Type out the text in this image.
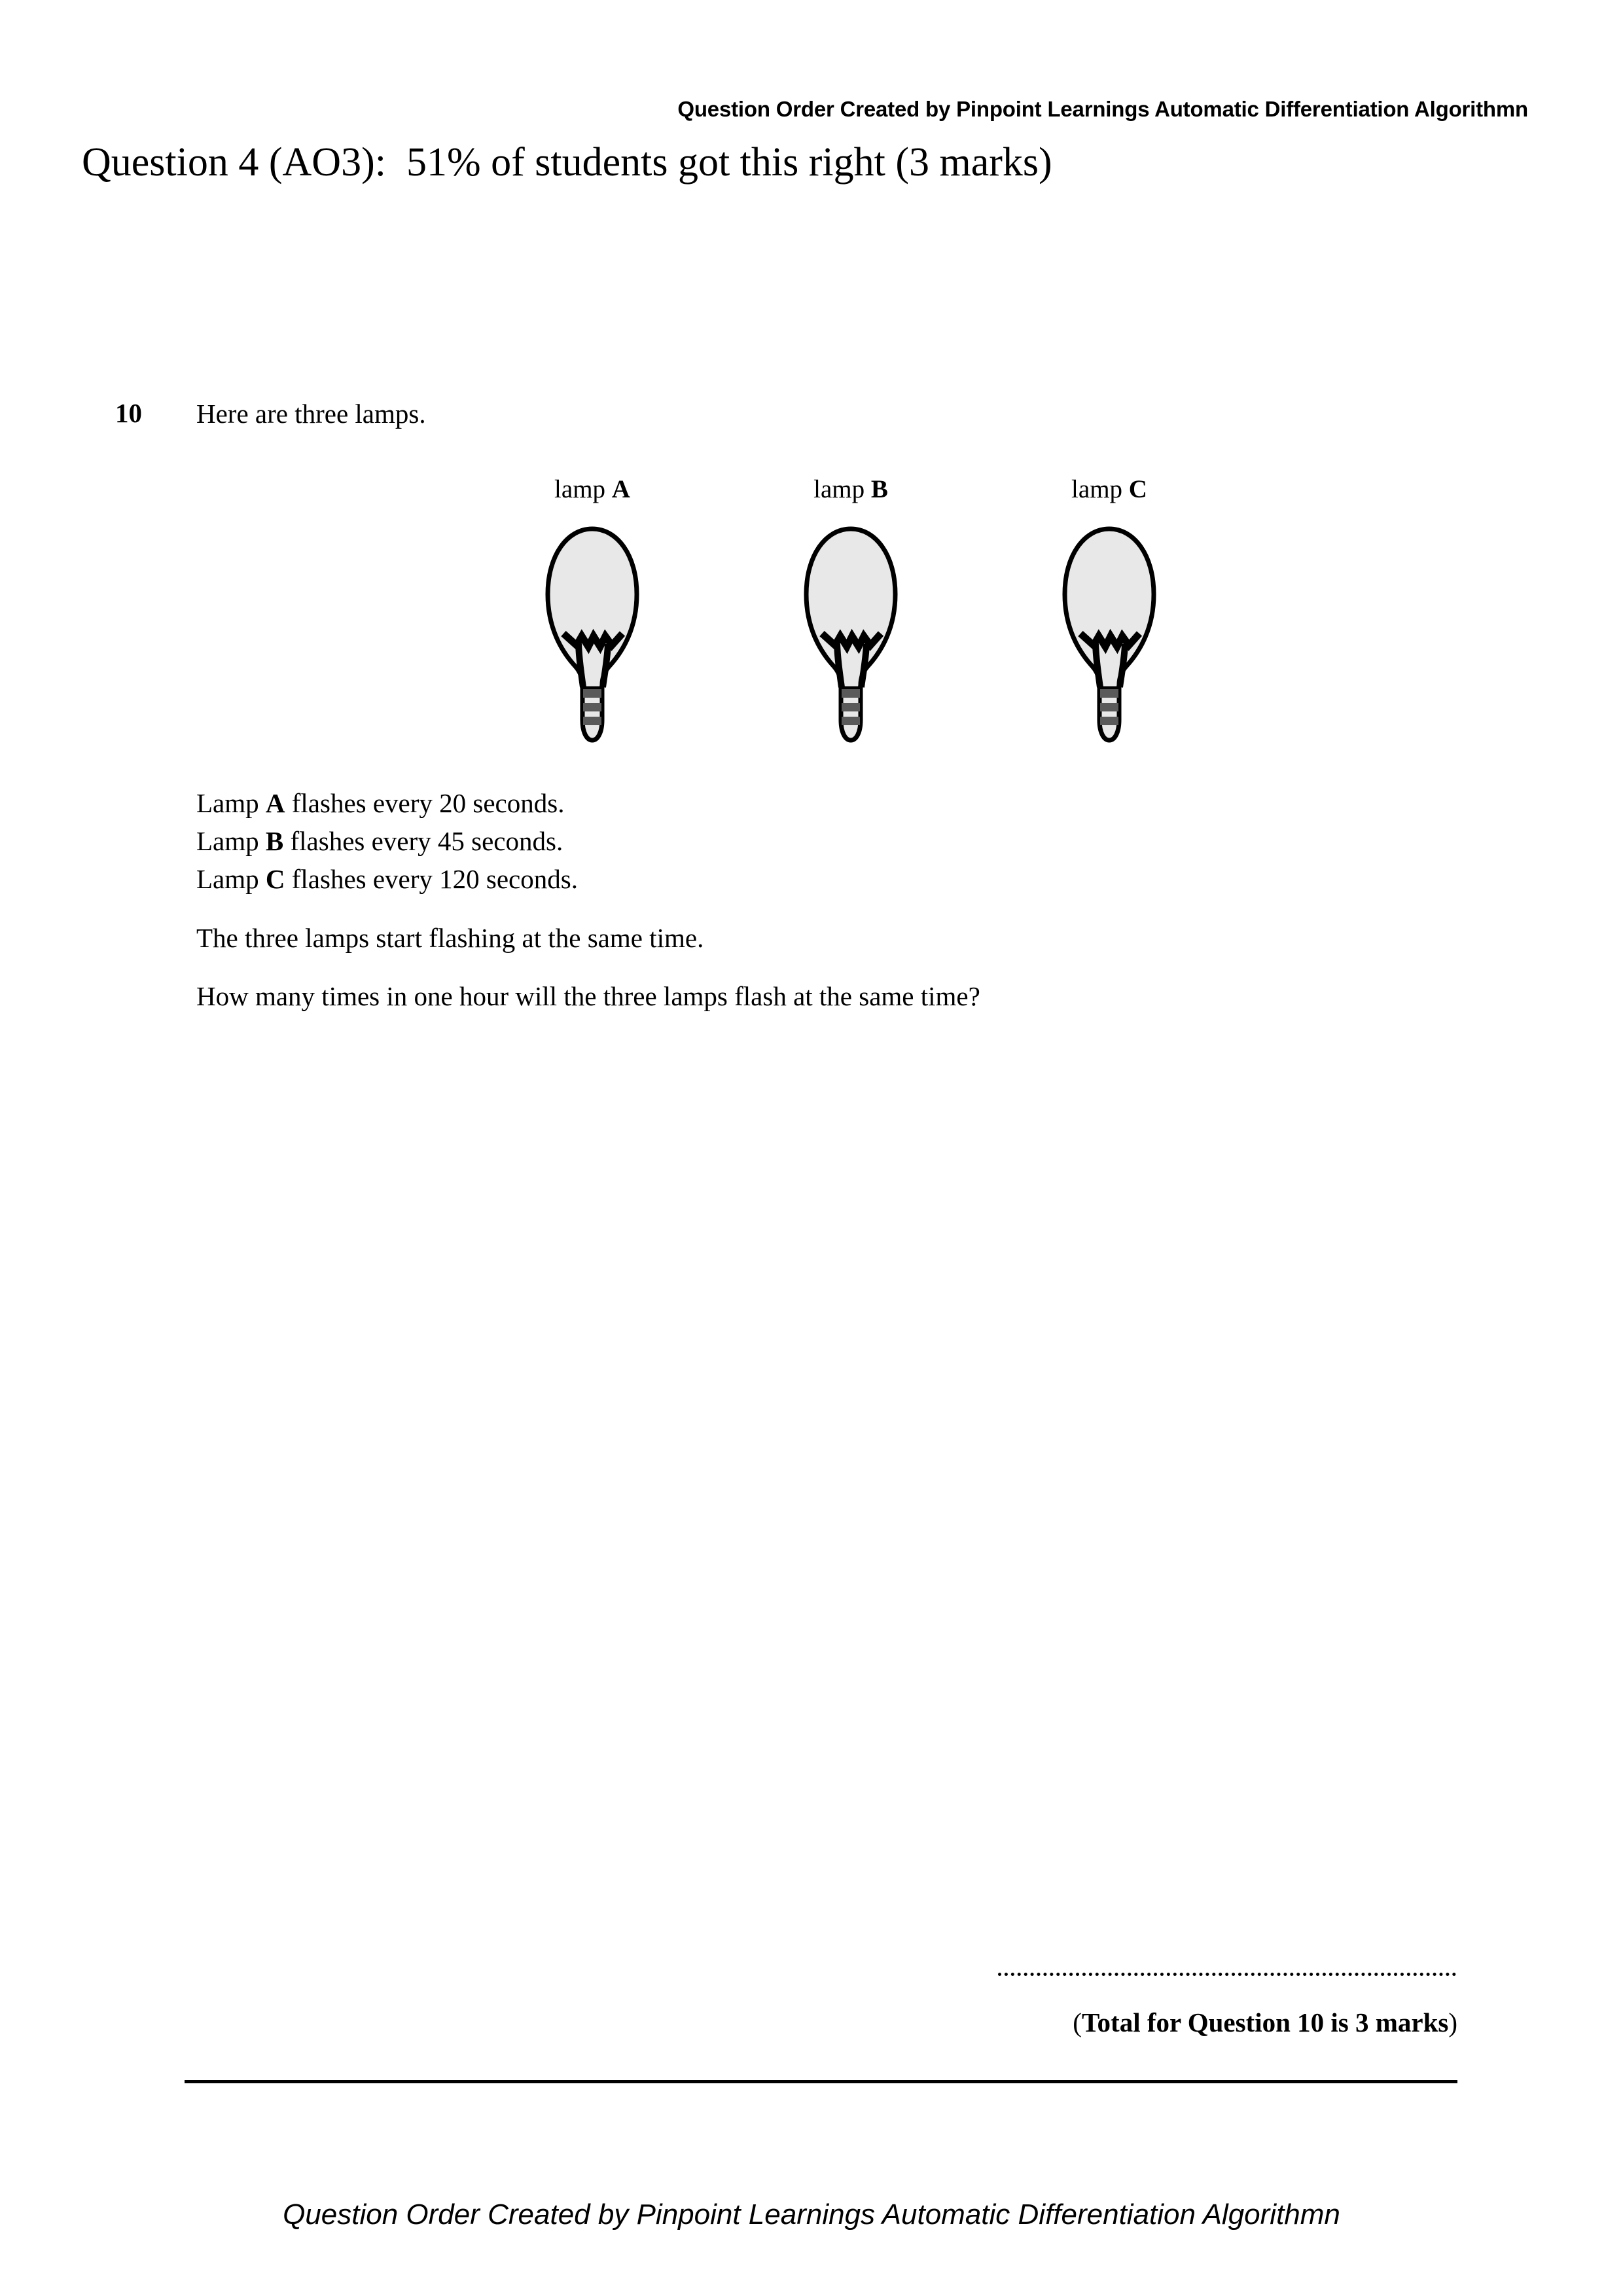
Question Order Created by Pinpoint Learnings Automatic Differentiation Algorithmn
Question 4 (AO3):  51% of students got this right (3 marks)
10 Here are three lamps.
lamp A	lamp B	lamp C
Lamp A flashes every 20 seconds.
Lamp B flashes every 45 seconds.
Lamp C flashes every 120 seconds.
The three lamps start flashing at the same time.
How many times in one hour will the three lamps flash at the same time?
(Total for Question 10 is 3 marks)
Question Order Created by Pinpoint Learnings Automatic Differentiation Algorithmn
